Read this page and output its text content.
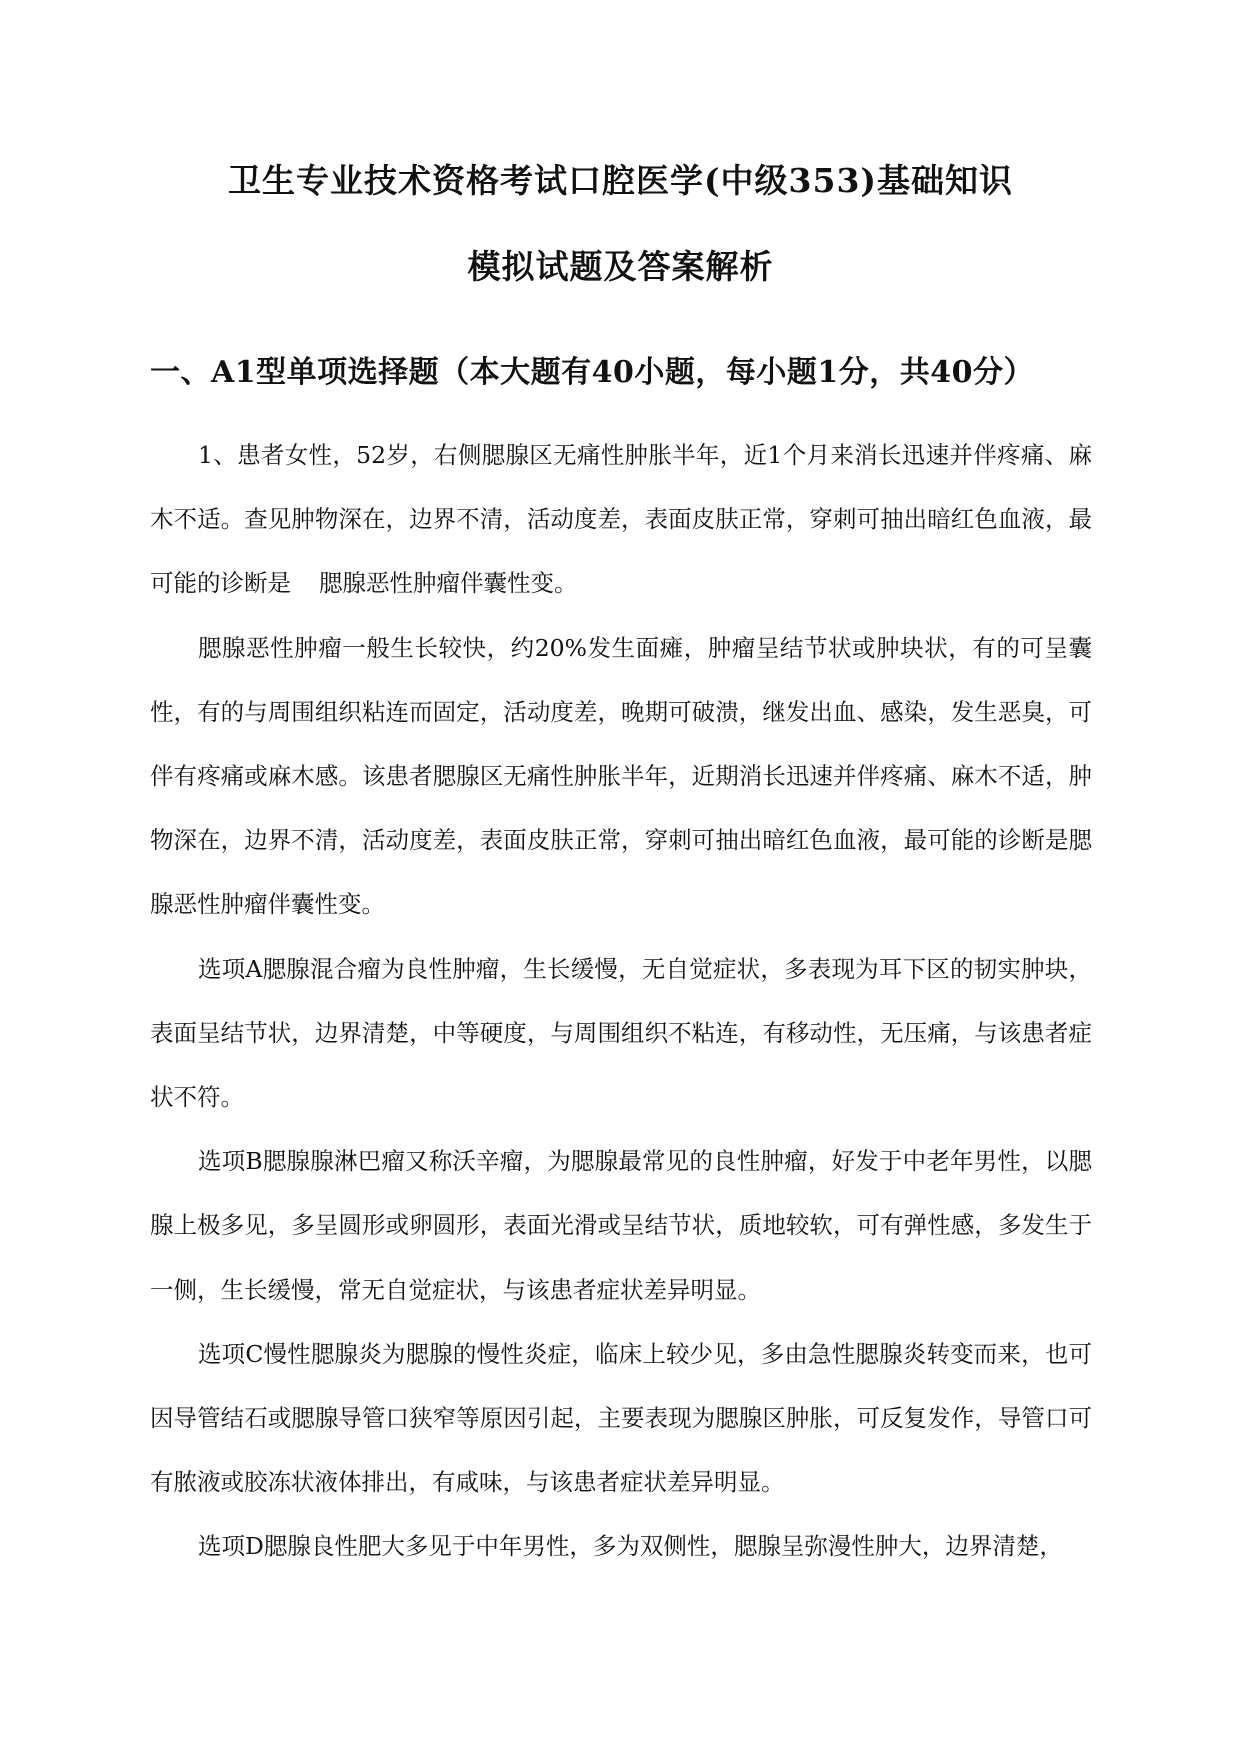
卫生专业技术资格考试口腔医学(中级353)基础知识
模拟试题及答案解析
一、A1型单项选择题（本大题有40小题，每小题1分，共40分）

1、患者女性，52岁，右侧腮腺区无痛性肿胀半年，近1个月来消长迅速并伴疼痛、麻木不适。查见肿物深在，边界不清，活动度差，表面皮肤正常，穿刺可抽出暗红色血液，最可能的诊断是 腮腺恶性肿瘤伴囊性变。

腮腺恶性肿瘤一般生长较快，约20%发生面瘫，肿瘤呈结节状或肿块状，有的可呈囊性，有的与周围组织粘连而固定，活动度差，晚期可破溃，继发出血、感染，发生恶臭，可伴有疼痛或麻木感。该患者腮腺区无痛性肿胀半年，近期消长迅速并伴疼痛、麻木不适，肿物深在，边界不清，活动度差，表面皮肤正常，穿刺可抽出暗红色血液，最可能的诊断是腮腺恶性肿瘤伴囊性变。

选项A腮腺混合瘤为良性肿瘤，生长缓慢，无自觉症状，多表现为耳下区的韧实肿块，表面呈结节状，边界清楚，中等硬度，与周围组织不粘连，有移动性，无压痛，与该患者症状不符。

选项B腮腺腺淋巴瘤又称沃辛瘤，为腮腺最常见的良性肿瘤，好发于中老年男性，以腮腺上极多见，多呈圆形或卵圆形，表面光滑或呈结节状，质地较软，可有弹性感，多发生于一侧，生长缓慢，常无自觉症状，与该患者症状差异明显。

选项C慢性腮腺炎为腮腺的慢性炎症，临床上较少见，多由急性腮腺炎转变而来，也可因导管结石或腮腺导管口狭窄等原因引起，主要表现为腮腺区肿胀，可反复发作，导管口可有脓液或胶冻状液体排出，有咸味，与该患者症状差异明显。

选项D腮腺良性肥大多见于中年男性，多为双侧性，腮腺呈弥漫性肿大，边界清楚，
